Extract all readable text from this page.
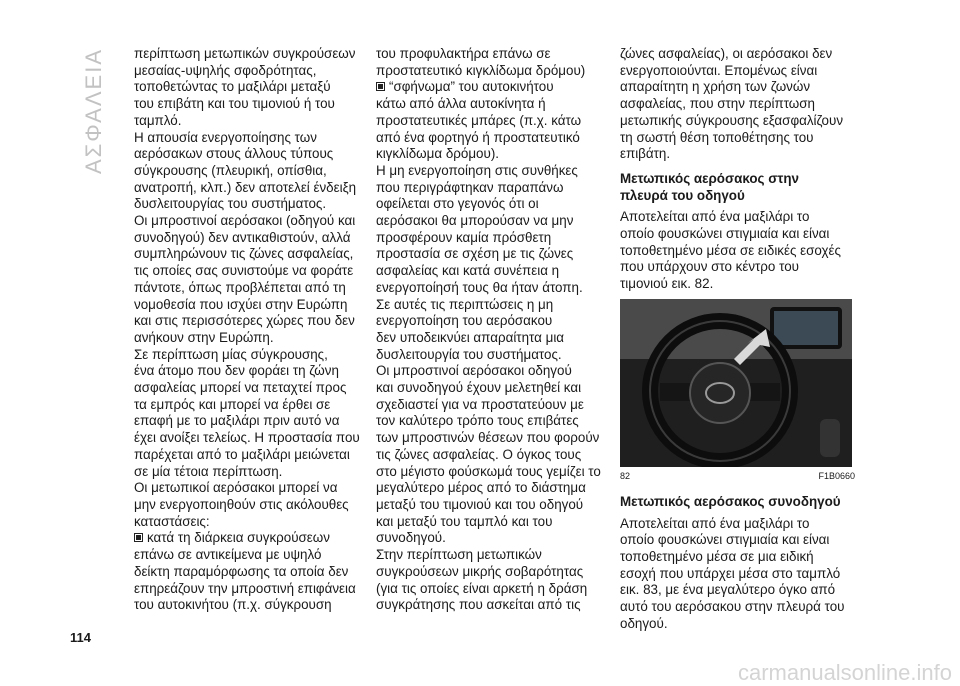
ΑΣΦΑΛΕΙΑ περίπτωση μετωπικών συγκρούσεων
μεσαίας-υψηλής σφοδρότητας,
τοποθετώντας το μαξιλάρι μεταξύ
του επιβάτη και του τιμονιού ή του
ταμπλό.

Η απουσία ενεργοποίησης των
αερόσακων στους άλλους τύπους
σύγκρουσης (πλευρική, οπίσθια,
ανατροπή, κλπ.) δεν αποτελεί ένδειξη
δυσλειτουργίας του συστήματος.

Οι μπροστινοί αερόσακοι (οδηγού και
συνοδηγού) δεν αντικαθιστούν, αλλά
συμπληρώνουν τις ζώνες ασφαλείας,
τις οποίες σας συνιστούμε να φοράτε
πάντοτε, όπως προβλέπεται από τη
νομοθεσία που ισχύει στην Ευρώπη
και στις περισσότερες χώρες που δεν
ανήκουν στην Ευρώπη.

Σε περίπτωση μίας σύγκρουσης,
ένα άτομο που δεν φοράει τη ζώνη
ασφαλείας μπορεί να πεταχτεί προς
τα εμπρός και μπορεί να έρθει σε
επαφή με το μαξιλάρι πριν αυτό να
έχει ανοίξει τελείως. Η προστασία που
παρέχεται από το μαξιλάρι μειώνεται
σε μία τέτοια περίπτωση.

Οι μετωπικοί αερόσακοι μπορεί να
μην ενεργοποιηθούν στις ακόλουθες
καταστάσεις:

κατά τη διάρκεια συγκρούσεων
επάνω σε αντικείμενα με υψηλό
δείκτη παραμόρφωσης τα οποία δεν
επηρεάζουν την μπροστινή επιφάνεια
του αυτοκινήτου (π.χ. σύγκρουση

του προφυλακτήρα επάνω σε
προστατευτικό κιγκλίδωμα δρόμου)

“σφήνωμα” του αυτοκινήτου
κάτω από άλλα αυτοκίνητα ή
προστατευτικές μπάρες (π.χ. κάτω
από ένα φορτηγό ή προστατευτικό
κιγκλίδωμα δρόμου).

Η μη ενεργοποίηση στις συνθήκες
που περιγράφτηκαν παραπάνω
οφείλεται στο γεγονός ότι οι
αερόσακοι θα μπορούσαν να μην
προσφέρουν καμία πρόσθετη
προστασία σε σχέση με τις ζώνες
ασφαλείας και κατά συνέπεια η
ενεργοποίησή τους θα ήταν άτοπη.

Σε αυτές τις περιπτώσεις η μη
ενεργοποίηση του αερόσακου
δεν υποδεικνύει απαραίτητα μια
δυσλειτουργία του συστήματος.

Οι μπροστινοί αερόσακοι οδηγού
και συνοδηγού έχουν μελετηθεί και
σχεδιαστεί για να προστατεύουν με
τον καλύτερο τρόπο τους επιβάτες
των μπροστινών θέσεων που φορούν
τις ζώνες ασφαλείας. Ο όγκος τους
στο μέγιστο φούσκωμά τους γεμίζει το
μεγαλύτερο μέρος από το διάστημα
μεταξύ του τιμονιού και του οδηγού
και μεταξύ του ταμπλό και του
συνοδηγού.

Στην περίπτωση μετωπικών
συγκρούσεων μικρής σοβαρότητας
(για τις οποίες είναι αρκετή η δράση
συγκράτησης που ασκείται από τις

ζώνες ασφαλείας), οι αερόσακοι δεν
ενεργοποιούνται. Επομένως είναι
απαραίτητη η χρήση των ζωνών
ασφαλείας, που στην περίπτωση
μετωπικής σύγκρουσης εξασφαλίζουν
τη σωστή θέση τοποθέτησης του
επιβάτη.

Μετωπικός αερόσακος στην
πλευρά του οδηγού

Αποτελείται από ένα μαξιλάρι το
οποίο φουσκώνει στιγμιαία και είναι
τοποθετημένο μέσα σε ειδικές εσοχές
που υπάρχουν στο κέντρο του
τιμονιού εικ. 82.

82	F1B0660
Μετωπικός αερόσακος συνοδηγού

Αποτελείται από ένα μαξιλάρι το
οποίο φουσκώνει στιγμιαία και είναι
τοποθετημένο μέσα σε μια ειδική
εσοχή που υπάρχει μέσα στο ταμπλό
εικ. 83, με ένα μεγαλύτερο όγκο από
αυτό του αερόσακου στην πλευρά του
οδηγού.

114
carmanualsonline.info
